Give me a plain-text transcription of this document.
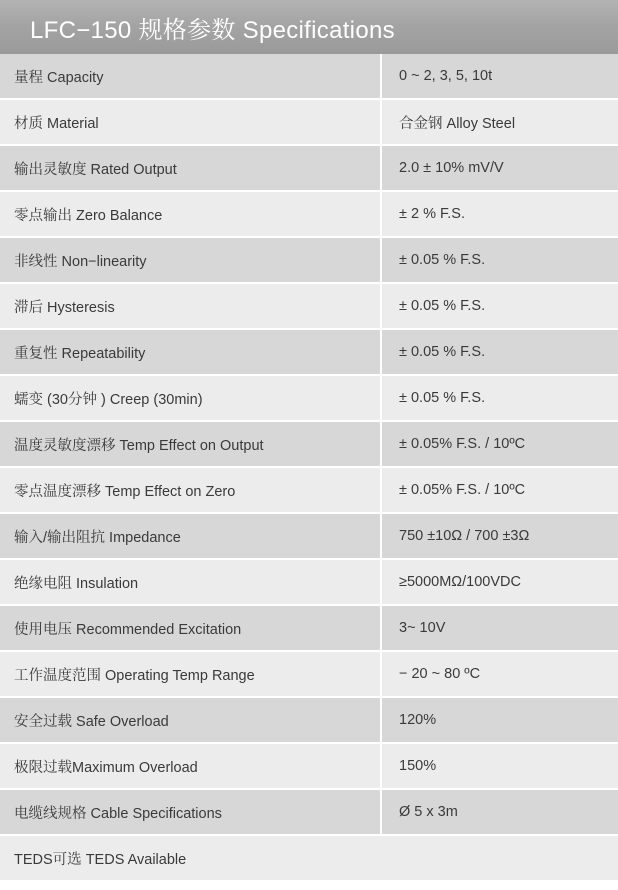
LFC−150 规格参数 Specifications
量程 Capacity	0 ~ 2, 3, 5, 10t
材质 Material	合金钢 Alloy Steel
输出灵敏度 Rated Output	2.0 ± 10% mV/V
零点输出 Zero Balance	± 2 % F.S.
非线性 Non−linearity	± 0.05 % F.S.
滞后 Hysteresis	± 0.05 % F.S.
重复性 Repeatability	± 0.05 % F.S.
蠕变 (30分钟 ) Creep (30min)	± 0.05 % F.S.
温度灵敏度漂移 Temp Effect on Output	± 0.05% F.S. / 10ºC
零点温度漂移 Temp Effect on Zero	± 0.05% F.S. / 10ºC
输入/输出阻抗 Impedance	750 ±10Ω / 700 ±3Ω
绝缘电阻 Insulation	≥5000MΩ/100VDC
使用电压 Recommended Excitation	3~ 10V
工作温度范围 Operating Temp Range	− 20 ~ 80 ºC
安全过载 Safe Overload	120%
极限过载Maximum Overload	150%
电缆线规格 Cable Specifications	Ø 5 x 3m
TEDS可选 TEDS Available	
